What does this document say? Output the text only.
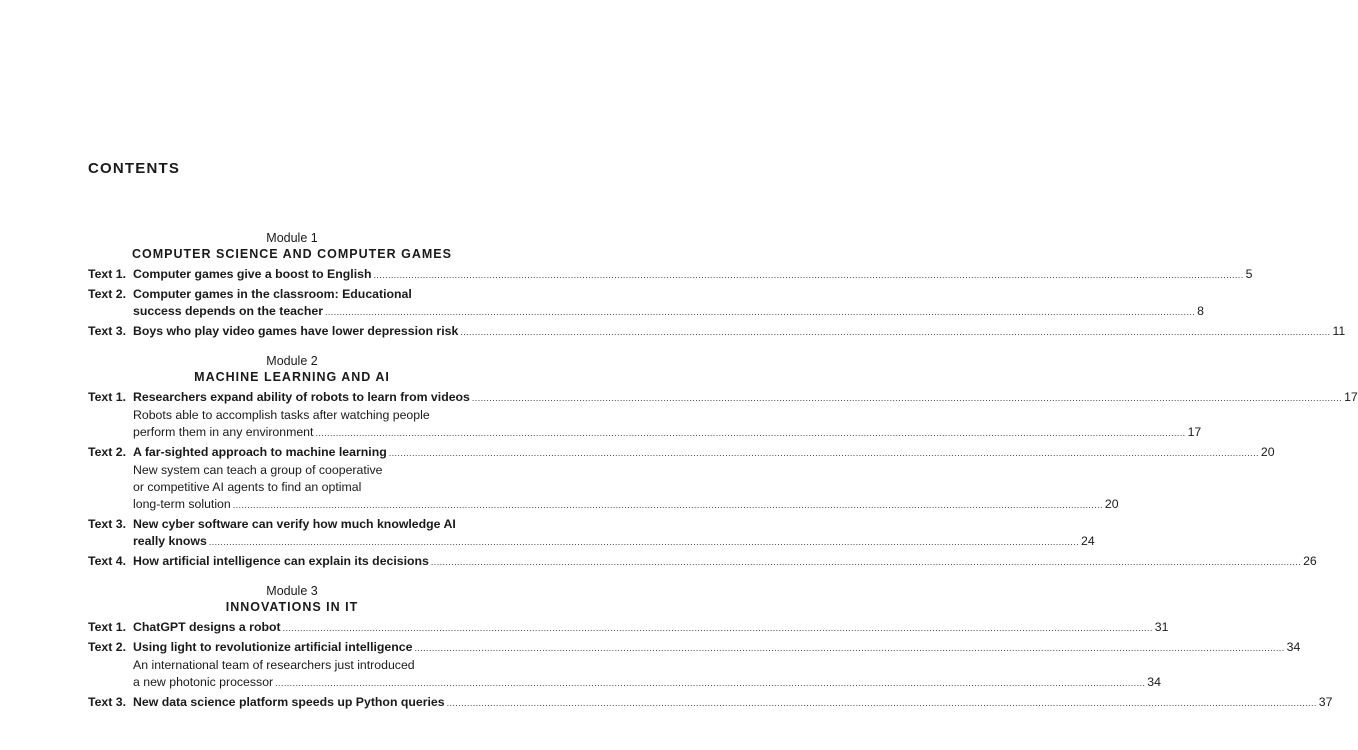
CONTENTS
Module 1
COMPUTER SCIENCE AND COMPUTER GAMES
Text 1. Computer games give a boost to English ............................................................................................................................................................................................................................................................................................................ 5
Text 2. Computer games in the classroom: Educational
success depends on the teacher ............................................................................................................................................................................................................................................................................................................ 8
Text 3. Boys who play video games have lower depression risk ............................................................................................................................................................................................................................................................................................................ 11
Module 2
MACHINE LEARNING AND AI
Text 1. Researchers expand ability of robots to learn from videos ............................................................................................................................................................................................................................................................................................................ 17
Robots able to accomplish tasks after watching people
perform them in any environment ............................................................................................................................................................................................................................................................................................................ 17
Text 2. A far-sighted approach to machine learning ............................................................................................................................................................................................................................................................................................................ 20
New system can teach a group of cooperative
or competitive AI agents to find an optimal
long-term solution ............................................................................................................................................................................................................................................................................................................ 20
Text 3. New cyber software can verify how much knowledge AI
really knows ............................................................................................................................................................................................................................................................................................................ 24
Text 4. How artificial intelligence can explain its decisions ............................................................................................................................................................................................................................................................................................................ 26
Module 3
INNOVATIONS IN IT
Text 1. ChatGPT designs a robot ............................................................................................................................................................................................................................................................................................................ 31
Text 2. Using light to revolutionize artificial intelligence ............................................................................................................................................................................................................................................................................................................ 34
An international team of researchers just introduced
a new photonic processor ............................................................................................................................................................................................................................................................................................................ 34
Text 3. New data science platform speeds up Python queries ............................................................................................................................................................................................................................................................................................................ 37
